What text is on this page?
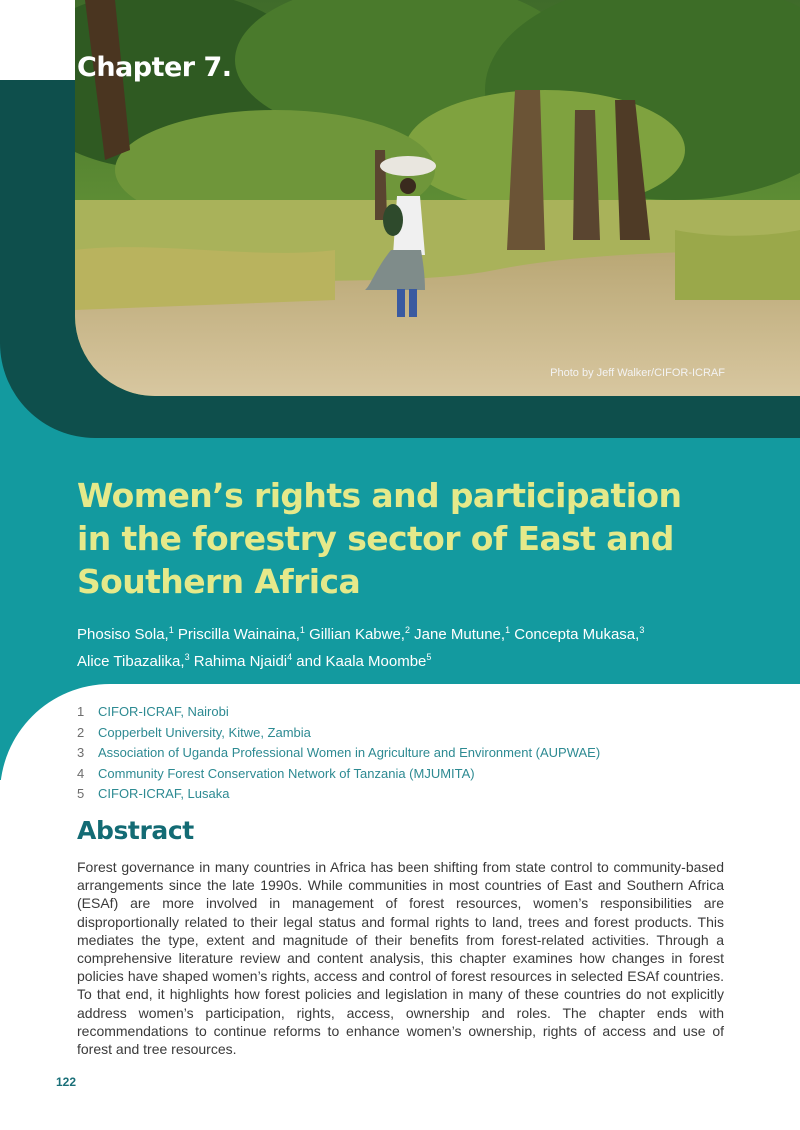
Chapter 7.
Photo by Jeff Walker/CIFOR-ICRAF
Women’s rights and participation in the forestry sector of East and Southern Africa

Phosiso Sola,$^1$ Priscilla Wainaina,$^1$ Gillian Kabwe,$^2$ Jane Mutune,$^1$ Concepta Mukasa,$^3$
Alice Tibazalika,$^3$ Rahima Njaidi$^4$ and Kaala Moombe$^5$

1	CIFOR-ICRAF, Nairobi
2	Copperbelt University, Kitwe, Zambia
3	Association of Uganda Professional Women in Agriculture and Environment (AUPWAE)
4	Community Forest Conservation Network of Tanzania (MJUMITA)
5	CIFOR-ICRAF, Lusaka
Abstract

Forest governance in many countries in Africa has been shifting from state control to community-based arrangements since the late 1990s. While communities in most countries of East and Southern Africa (ESAf) are more involved in management of forest resources, women’s responsibilities are disproportionally related to their legal status and formal rights to land, trees and forest products. This mediates the type, extent and magnitude of their benefits from forest-related activities. Through a comprehensive literature review and content analysis, this chapter examines how changes in forest policies have shaped women’s rights, access and control of forest resources in selected ESAf countries. To that end, it highlights how forest policies and legislation in many of these countries do not explicitly address women’s participation, rights, access, ownership and roles. The chapter ends with recommendations to continue reforms to enhance women’s ownership, rights of access and use of forest and tree resources.

122
